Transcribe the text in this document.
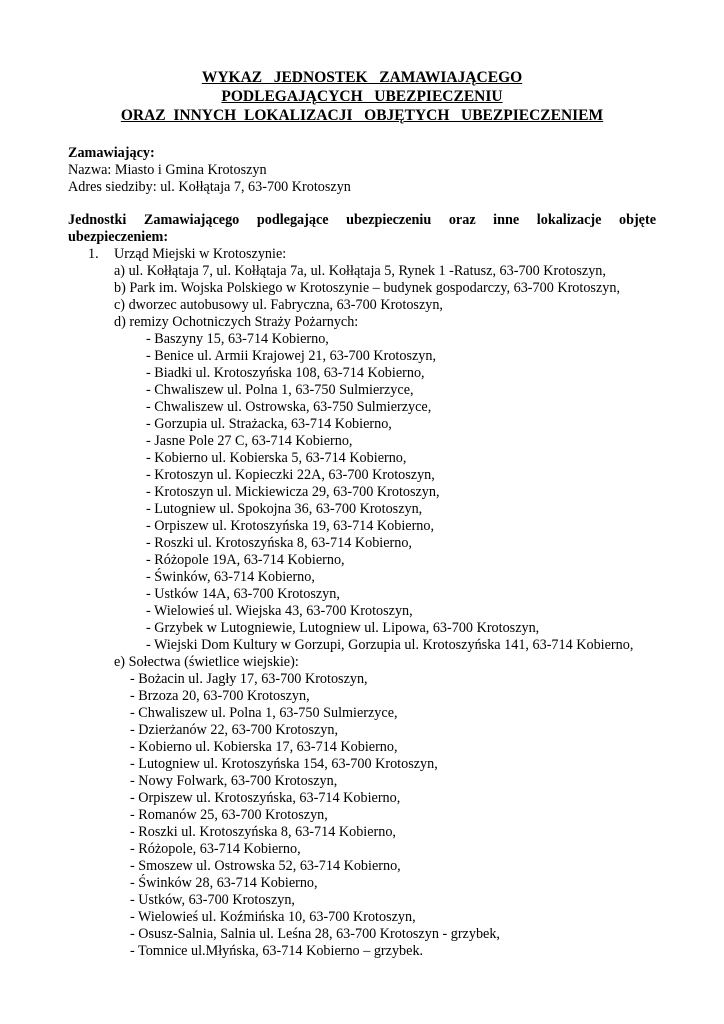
WYKAZ   JEDNOSTEK   ZAMAWIAJĄCEGO
PODLEGAJĄCYCH   UBEZPIECZENIU
ORAZ  INNYCH  LOKALIZACJI   OBJĘTYCH   UBEZPIECZENIEM
Zamawiający:
Nazwa: Miasto i Gmina Krotoszyn
Adres siedziby: ul. Kołłątaja 7, 63-700 Krotoszyn
Jednostki Zamawiającego podlegające ubezpieczeniu oraz inne lokalizacje objęte ubezpieczeniem:
1. Urząd Miejski w Krotoszynie:
a) ul. Kołłątaja 7, ul. Kołłątaja 7a, ul. Kołłątaja 5, Rynek 1 -Ratusz, 63-700 Krotoszyn,
b) Park im. Wojska Polskiego w Krotoszynie – budynek gospodarczy, 63-700 Krotoszyn,
c) dworzec autobusowy ul. Fabryczna, 63-700 Krotoszyn,
d) remizy Ochotniczych Straży Pożarnych:
- Baszyny 15, 63-714 Kobierno,
- Benice ul. Armii Krajowej 21, 63-700 Krotoszyn,
- Biadki ul. Krotoszyńska 108, 63-714 Kobierno,
- Chwaliszew ul. Polna 1, 63-750 Sulmierzyce,
- Chwaliszew ul. Ostrowska, 63-750 Sulmierzyce,
- Gorzupia ul. Strażacka, 63-714 Kobierno,
- Jasne Pole 27 C, 63-714 Kobierno,
- Kobierno ul. Kobierska 5, 63-714 Kobierno,
- Krotoszyn ul. Kopieczki 22A, 63-700 Krotoszyn,
- Krotoszyn ul. Mickiewicza 29, 63-700 Krotoszyn,
- Lutogniew ul. Spokojna 36, 63-700 Krotoszyn,
- Orpiszew ul. Krotoszyńska 19, 63-714 Kobierno,
- Roszki ul. Krotoszyńska 8, 63-714 Kobierno,
- Różopole 19A, 63-714 Kobierno,
- Świnków, 63-714 Kobierno,
- Ustków 14A, 63-700 Krotoszyn,
- Wielowieś ul. Wiejska 43, 63-700 Krotoszyn,
- Grzybek w Lutogniewie, Lutogniew ul. Lipowa, 63-700 Krotoszyn,
- Wiejski Dom Kultury w Gorzupi, Gorzupia ul. Krotoszyńska 141, 63-714 Kobierno,
e) Sołectwa (świetlice wiejskie):
- Bożacin ul. Jagły 17, 63-700 Krotoszyn,
- Brzoza 20, 63-700 Krotoszyn,
- Chwaliszew ul. Polna 1, 63-750 Sulmierzyce,
- Dzierżanów 22, 63-700 Krotoszyn,
- Kobierno ul. Kobierska 17, 63-714 Kobierno,
- Lutogniew ul. Krotoszyńska 154, 63-700 Krotoszyn,
- Nowy Folwark, 63-700 Krotoszyn,
- Orpiszew ul. Krotoszyńska, 63-714 Kobierno,
- Romanów 25, 63-700 Krotoszyn,
- Roszki ul. Krotoszyńska 8, 63-714 Kobierno,
- Różopole, 63-714 Kobierno,
- Smoszew ul. Ostrowska 52, 63-714 Kobierno,
- Świnków 28, 63-714 Kobierno,
- Ustków, 63-700 Krotoszyn,
- Wielowieś ul. Koźmińska 10, 63-700 Krotoszyn,
- Osusz-Salnia, Salnia ul. Leśna 28, 63-700 Krotoszyn - grzybek,
- Tomnice ul.Młyńska, 63-714 Kobierno – grzybek.
